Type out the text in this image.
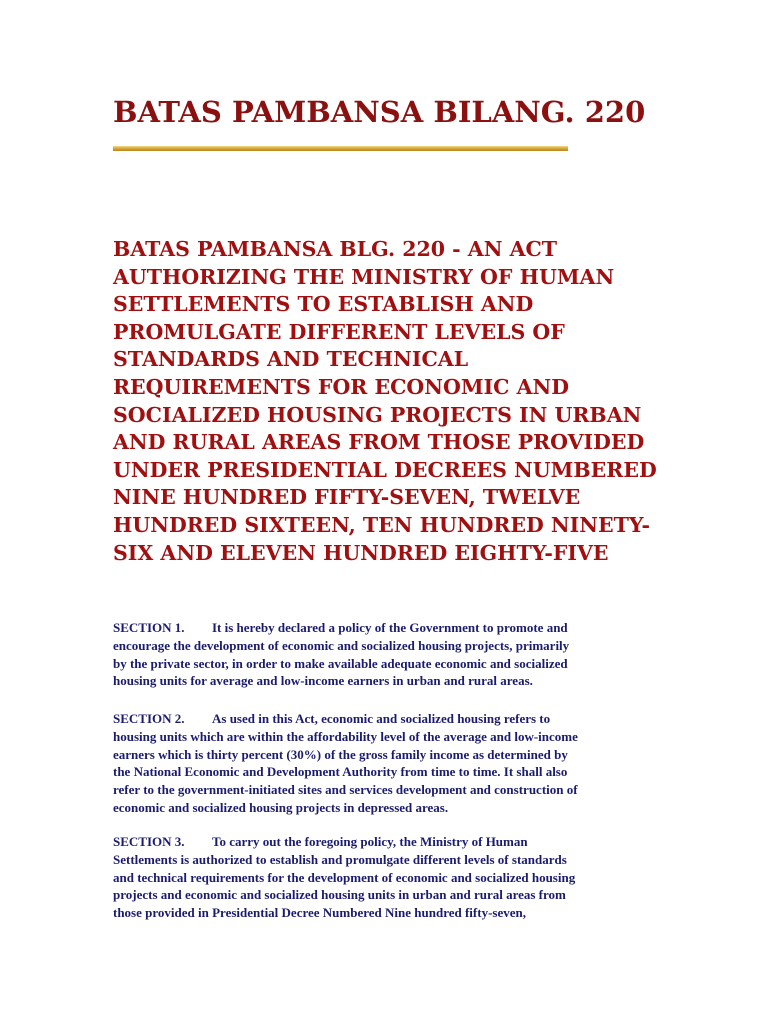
BATAS PAMBANSA BILANG. 220
BATAS PAMBANSA BLG. 220 - AN ACT
AUTHORIZING THE MINISTRY OF HUMAN
SETTLEMENTS TO ESTABLISH AND
PROMULGATE DIFFERENT LEVELS OF
STANDARDS AND TECHNICAL
REQUIREMENTS FOR ECONOMIC AND
SOCIALIZED HOUSING PROJECTS IN URBAN
AND RURAL AREAS FROM THOSE PROVIDED
UNDER PRESIDENTIAL DECREES NUMBERED
NINE HUNDRED FIFTY-SEVEN, TWELVE
HUNDRED SIXTEEN, TEN HUNDRED NINETY-
SIX AND ELEVEN HUNDRED EIGHTY-FIVE
SECTION 1. It is hereby declared a policy of the Government to promote and
encourage the development of economic and socialized housing projects, primarily
by the private sector, in order to make available adequate economic and socialized
housing units for average and low-income earners in urban and rural areas.
SECTION 2. As used in this Act, economic and socialized housing refers to
housing units which are within the affordability level of the average and low-income
earners which is thirty percent (30%) of the gross family income as determined by
the National Economic and Development Authority from time to time. It shall also
refer to the government-initiated sites and services development and construction of
economic and socialized housing projects in depressed areas.
SECTION 3. To carry out the foregoing policy, the Ministry of Human
Settlements is authorized to establish and promulgate different levels of standards
and technical requirements for the development of economic and socialized housing
projects and economic and socialized housing units in urban and rural areas from
those provided in Presidential Decree Numbered Nine hundred fifty-seven,
